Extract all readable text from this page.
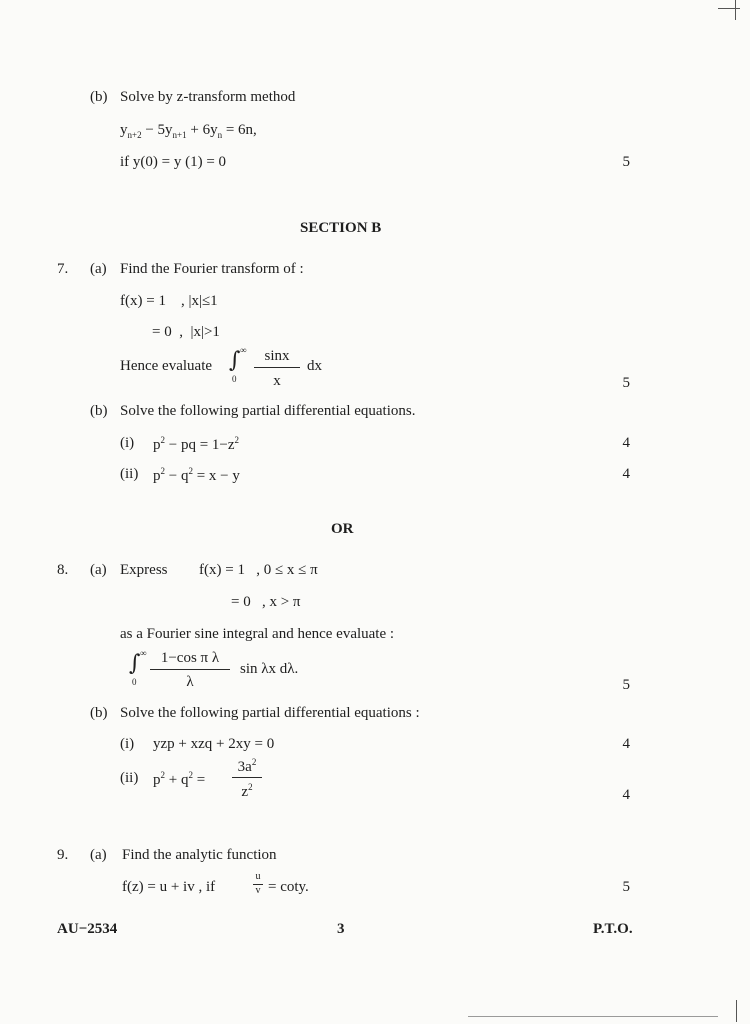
(b) Solve by z-transform method
$y_{n+2} - 5y_{n+1} + 6y_n = 6n$,
if y(0) = y (1) = 0	5
SECTION B
7. (a) Find the Fourier transform of :
f(x) = 1    , |x|≤1
= 0  ,  |x|>1
Hence evaluate ∫ ∞
0
sinx
x
dx
5
(b) Solve the following partial differential equations.
(i) $p^2$ − pq = $1-z^2$	4
(ii) $p^2 - q^2 = x - y$	4
OR
8. (a) Express f(x) = 1   , 0 ≤ x ≤ π
= 0   , x > π
as a Fourier sine integral and hence evaluate :
∫ ∞
0
1−cos π λ
λ
sin λx dλ.
5
(b) Solve the following partial differential equations :
(i) yzp + xzq + 2xy = 0	4
(ii) $p^2 + q^2$ =
$3a^2$
$z^2$	4
9. (a) Find the analytic function
f(z) = u + iv , if
u
v = coty.	5
AU−2534	3	P.T.O.
